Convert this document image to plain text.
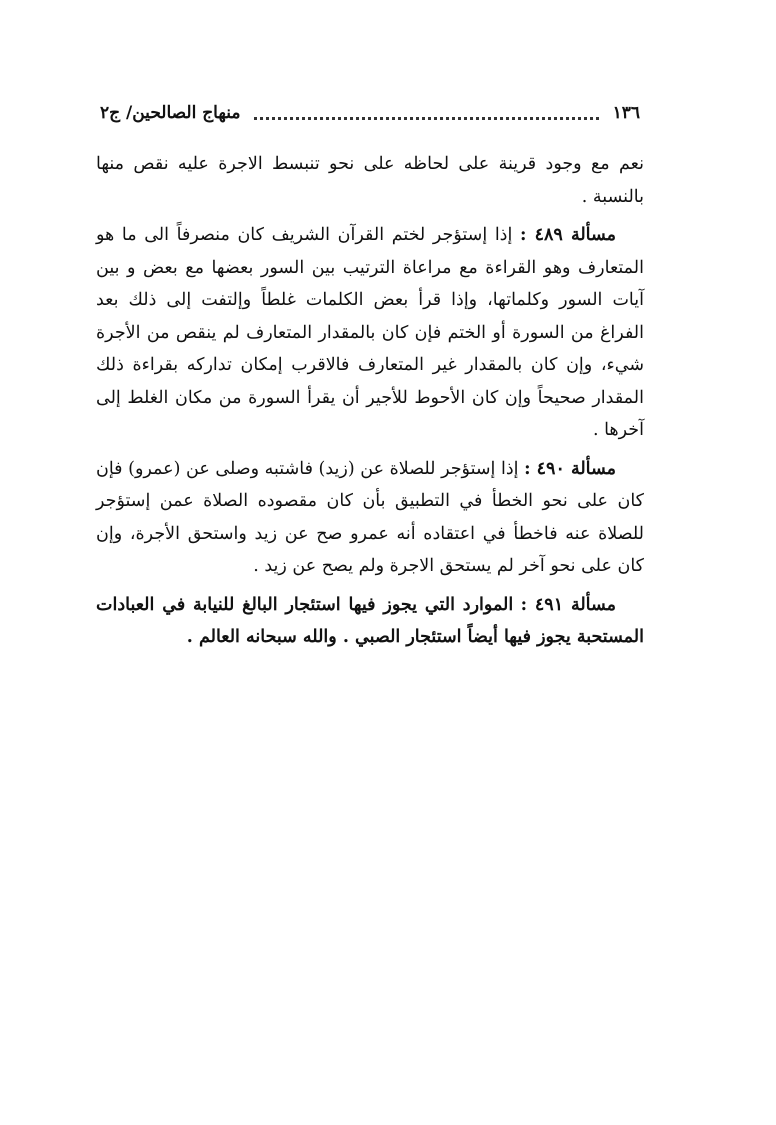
١٣٦
منهاج الصالحين/ ج٢

نعم مع وجود قرينة على لحاظه على نحو تنبسط الاجرة عليه نقص منها بالنسبة .

مسألة ٤٨٩ : إذا إستؤجر لختم القرآن الشريف كان منصرفاً الى ما هو المتعارف وهو القراءة مع مراعاة الترتيب بين السور بعضها مع بعض و بين آيات السور وكلماتها، وإذا قرأ بعض الكلمات غلطاً وإلتفت إلى ذلك بعد الفراغ من السورة أو الختم فإن كان بالمقدار المتعارف لم ينقص من الأجرة شيء، وإن كان بالمقدار غير المتعارف فالاقرب إمكان تداركه بقراءة ذلك المقدار صحيحاً وإن كان الأحوط للأجير أن يقرأ السورة من مكان الغلط إلى آخرها .

مسألة ٤٩٠ : إذا إستؤجر للصلاة عن (زيد) فاشتبه وصلى عن (عمرو) فإن كان على نحو الخطأ في التطبيق بأن كان مقصوده الصلاة عمن إستؤجر للصلاة عنه فاخطأ في اعتقاده أنه عمرو صح عن زيد واستحق الأجرة، وإن كان على نحو آخر لم يستحق الاجرة ولم يصح عن زيد .

مسألة ٤٩١ : الموارد التي يجوز فيها استئجار البالغ للنيابة في العبادات المستحبة يجوز فيها أيضاً استئجار الصبي . والله سبحانه العالم .
